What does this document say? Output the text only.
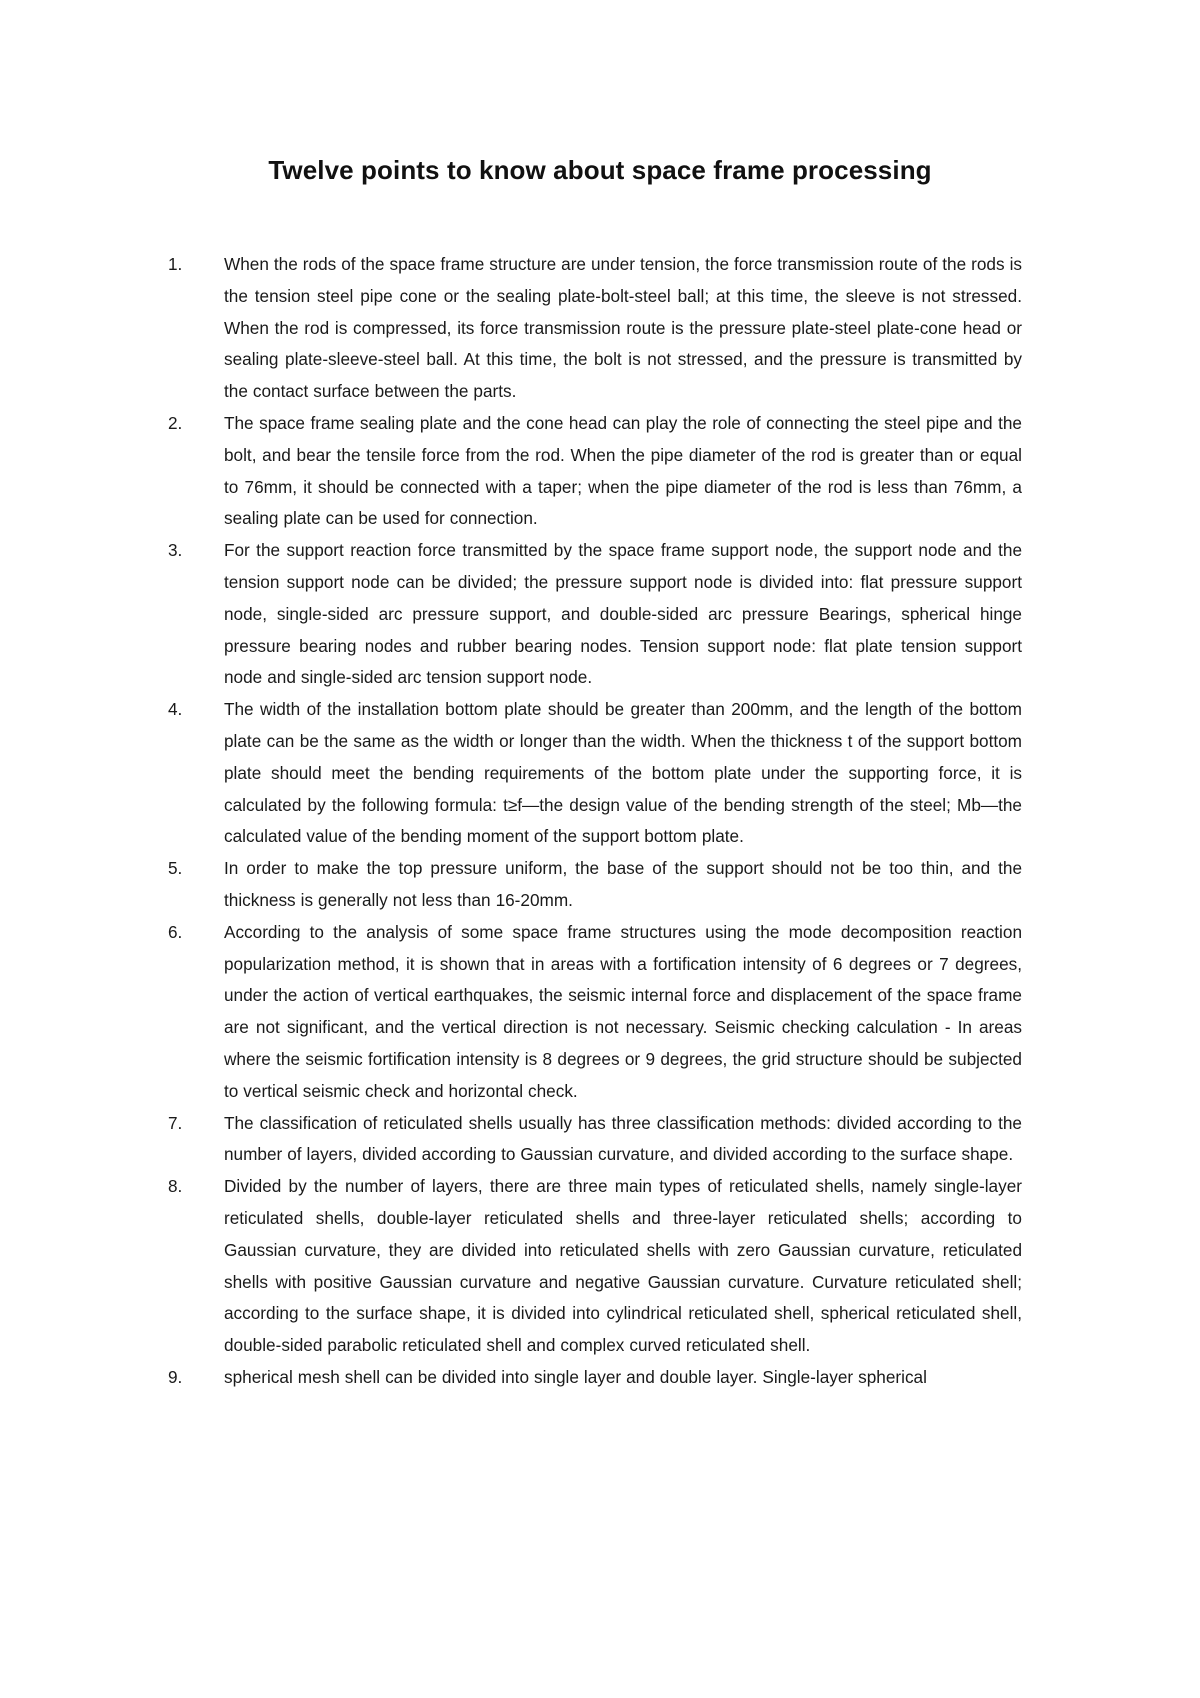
Twelve points to know about space frame processing
1.	When the rods of the space frame structure are under tension, the force transmission route of the rods is the tension steel pipe cone or the sealing plate-bolt-steel ball; at this time, the sleeve is not stressed. When the rod is compressed, its force transmission route is the pressure plate-steel plate-cone head or sealing plate-sleeve-steel ball. At this time, the bolt is not stressed, and the pressure is transmitted by the contact surface between the parts.
2.	The space frame sealing plate and the cone head can play the role of connecting the steel pipe and the bolt, and bear the tensile force from the rod. When the pipe diameter of the rod is greater than or equal to 76mm, it should be connected with a taper; when the pipe diameter of the rod is less than 76mm, a sealing plate can be used for connection.
3.	For the support reaction force transmitted by the space frame support node, the support node and the tension support node can be divided; the pressure support node is divided into: flat pressure support node, single-sided arc pressure support, and double-sided arc pressure Bearings, spherical hinge pressure bearing nodes and rubber bearing nodes. Tension support node: flat plate tension support node and single-sided arc tension support node.
4.	The width of the installation bottom plate should be greater than 200mm, and the length of the bottom plate can be the same as the width or longer than the width. When the thickness t of the support bottom plate should meet the bending requirements of the bottom plate under the supporting force, it is calculated by the following formula: t≥f—the design value of the bending strength of the steel; Mb—the calculated value of the bending moment of the support bottom plate.
5.	In order to make the top pressure uniform, the base of the support should not be too thin, and the thickness is generally not less than 16-20mm.
6.	According to the analysis of some space frame structures using the mode decomposition reaction popularization method, it is shown that in areas with a fortification intensity of 6 degrees or 7 degrees, under the action of vertical earthquakes, the seismic internal force and displacement of the space frame are not significant, and the vertical direction is not necessary. Seismic checking calculation - In areas where the seismic fortification intensity is 8 degrees or 9 degrees, the grid structure should be subjected to vertical seismic check and horizontal check.
7.	The classification of reticulated shells usually has three classification methods: divided according to the number of layers, divided according to Gaussian curvature, and divided according to the surface shape.
8.	Divided by the number of layers, there are three main types of reticulated shells, namely single-layer reticulated shells, double-layer reticulated shells and three-layer reticulated shells; according to Gaussian curvature, they are divided into reticulated shells with zero Gaussian curvature, reticulated shells with positive Gaussian curvature and negative Gaussian curvature. Curvature reticulated shell; according to the surface shape, it is divided into cylindrical reticulated shell, spherical reticulated shell, double-sided parabolic reticulated shell and complex curved reticulated shell.
9.	spherical mesh shell can be divided into single layer and double layer. Single-layer spherical
